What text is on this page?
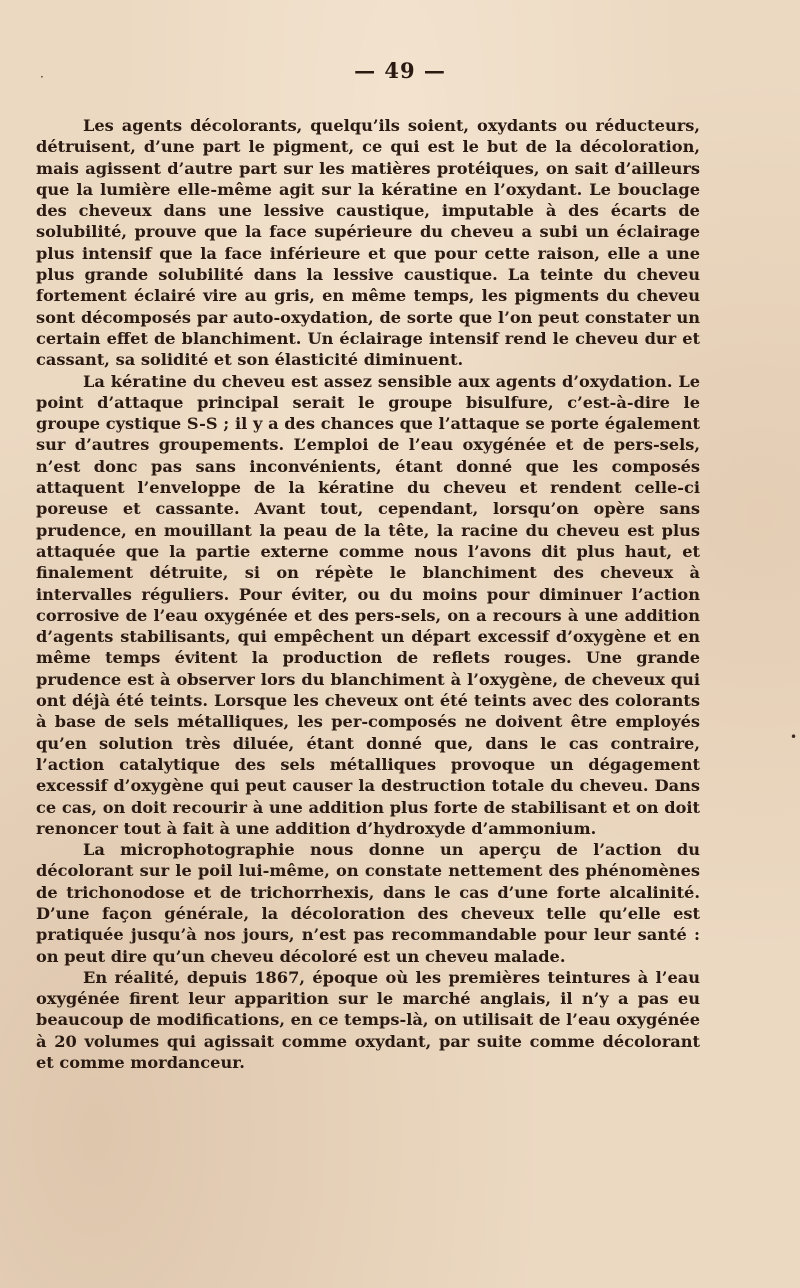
— 49 —
·
•

Les agents décolorants, quelqu’ils soient, oxydants ou réducteurs, détruisent, d’une part le pigment, ce qui est le but de la décoloration, mais agissent d’autre part sur les matières protéiques, on sait d’ailleurs que la lumière elle-même agit sur la kératine en l’oxydant. Le bouclage des cheveux dans une lessive caustique, imputable à des écarts de solubilité, prouve que la face supérieure du cheveu a subi un éclairage plus intensif que la face inférieure et que pour cette raison, elle a une plus grande solubilité dans la lessive caustique. La teinte du cheveu fortement éclairé vire au gris, en même temps, les pigments du cheveu sont décomposés par auto-oxydation, de sorte que l’on peut constater un certain effet de blanchiment. Un éclairage intensif rend le cheveu dur et cassant, sa solidité et son élasticité diminuent.

La kératine du cheveu est assez sensible aux agents d’oxydation. Le point d’attaque principal serait le groupe bisulfure, c’est-à-dire le groupe cystique S-S ; il y a des chances que l’attaque se porte également sur d’autres groupements. L’emploi de l’eau oxygénée et de pers-sels, n’est donc pas sans inconvénients, étant donné que les composés attaquent l’enveloppe de la kératine du cheveu et rendent celle-ci poreuse et cassante. Avant tout, cependant, lorsqu’on opère sans prudence, en mouillant la peau de la tête, la racine du cheveu est plus attaquée que la partie externe comme nous l’avons dit plus haut, et finalement détruite, si on répète le blanchiment des cheveux à intervalles réguliers. Pour éviter, ou du moins pour diminuer l’action corrosive de l’eau oxygénée et des pers-sels, on a recours à une addition d’agents stabilisants, qui empêchent un départ excessif d’oxygène et en même temps évitent la production de reflets rouges. Une grande prudence est à observer lors du blanchiment à l’oxygène, de cheveux qui ont déjà été teints. Lorsque les cheveux ont été teints avec des colorants à base de sels métalliques, les per-composés ne doivent être employés qu’en solution très diluée, étant donné que, dans le cas contraire, l’action catalytique des sels métalliques provoque un dégagement excessif d’oxygène qui peut causer la destruction totale du cheveu. Dans ce cas, on doit recourir à une addition plus forte de stabilisant et on doit renoncer tout à fait à une addition d’hydroxyde d’ammonium.

La microphotographie nous donne un aperçu de l’action du décolorant sur le poil lui-même, on constate nettement des phénomènes de trichonodose et de trichorrhexis, dans le cas d’une forte alcalinité. D’une façon générale, la décoloration des cheveux telle qu’elle est pratiquée jusqu’à nos jours, n’est pas recommandable pour leur santé : on peut dire qu’un cheveu décoloré est un cheveu malade.

En réalité, depuis 1867, époque où les premières teintures à l’eau oxygénée firent leur apparition sur le marché anglais, il n’y a pas eu beaucoup de modifications, en ce temps-là, on utilisait de l’eau oxygénée à 20 volumes qui agissait comme oxydant, par suite comme décolorant et comme mordanceur.
